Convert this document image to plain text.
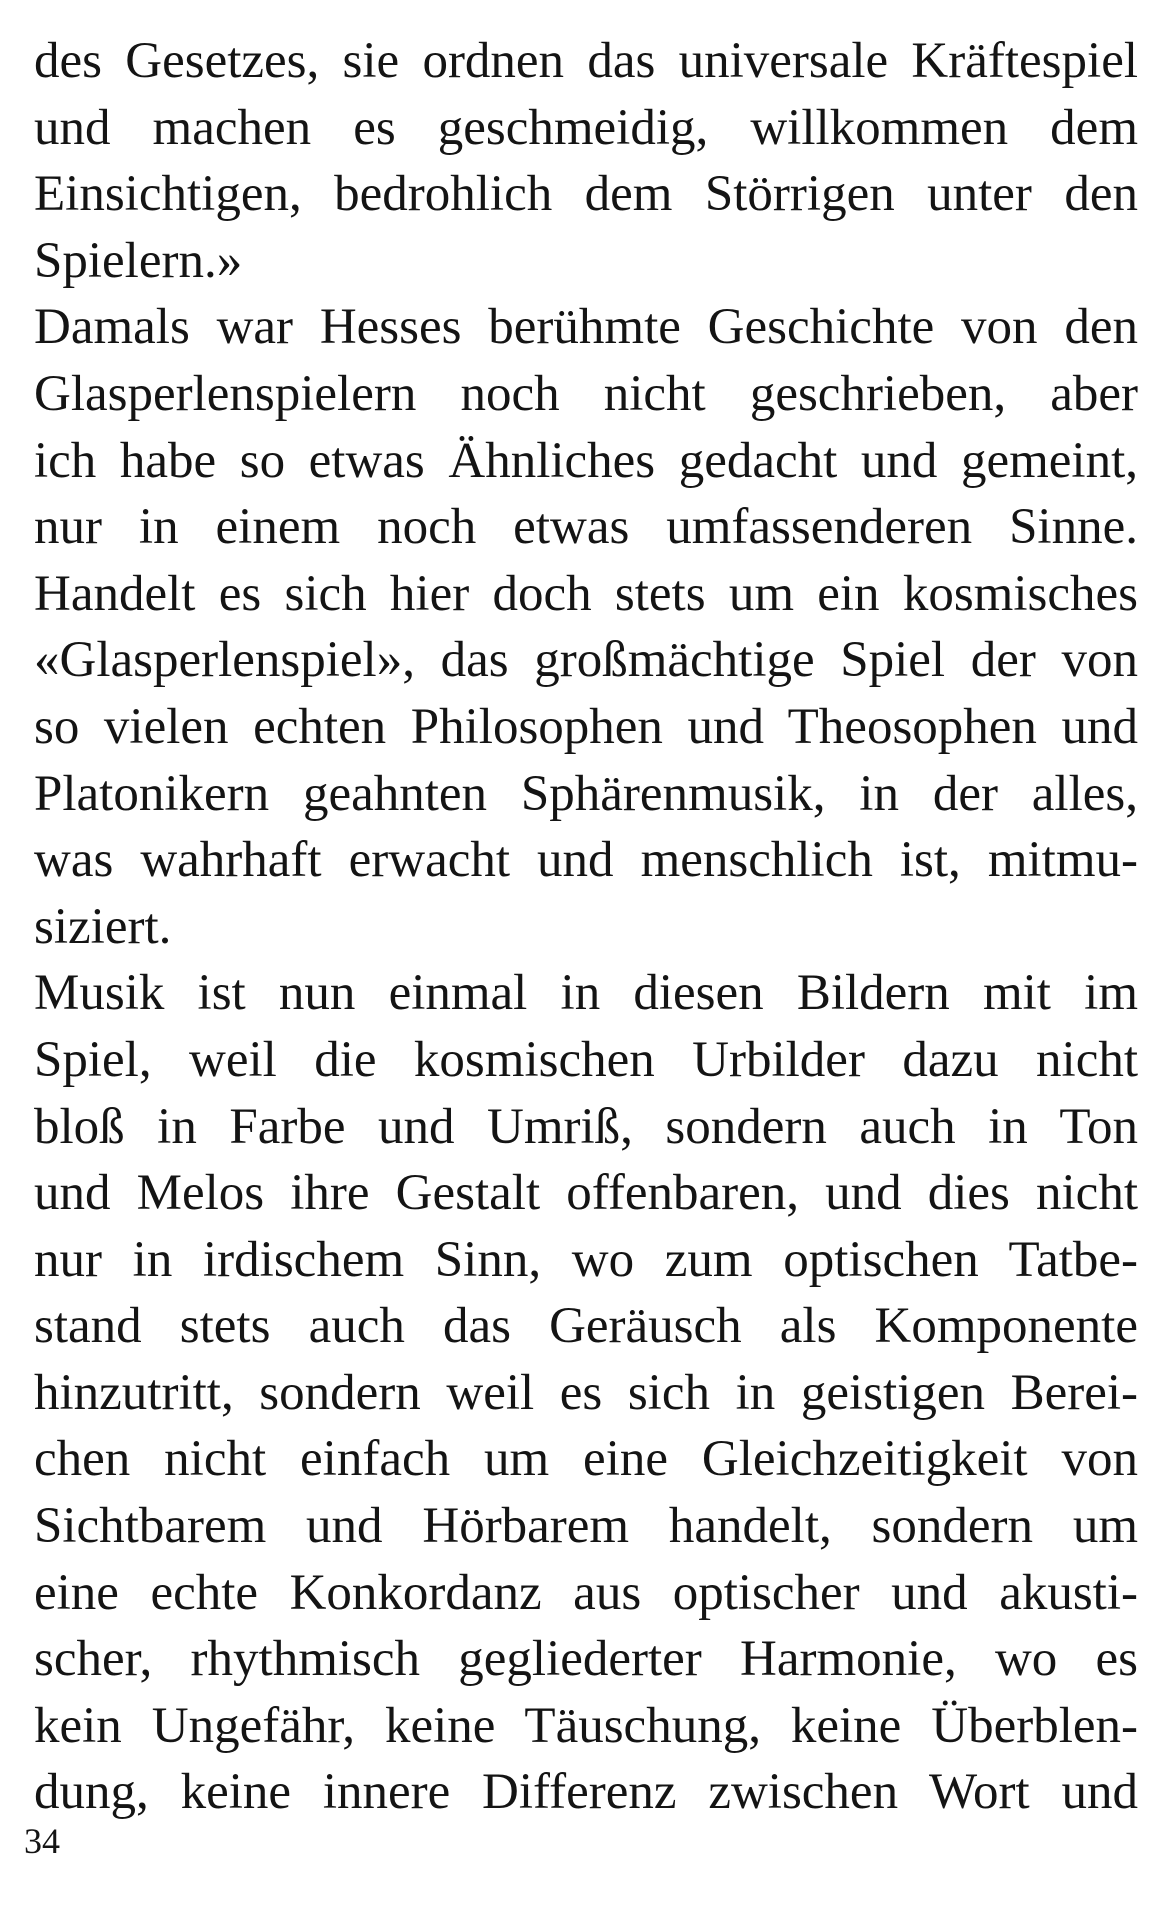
des Gesetzes, sie ordnen das universale Kräftespiel
und machen es geschmeidig, willkommen dem
Einsichtigen, bedrohlich dem Störrigen unter den
Spielern.»
Damals war Hesses berühmte Geschichte von den
Glasperlenspielern noch nicht geschrieben, aber
ich habe so etwas Ähnliches gedacht und gemeint,
nur in einem noch etwas umfassenderen Sinne.
Handelt es sich hier doch stets um ein kosmisches
«Glasperlenspiel», das großmächtige Spiel der von
so vielen echten Philosophen und Theosophen und
Platonikern geahnten Sphärenmusik, in der alles,
was wahrhaft erwacht und menschlich ist, mitmu-
siziert.
Musik ist nun einmal in diesen Bildern mit im
Spiel, weil die kosmischen Urbilder dazu nicht
bloß in Farbe und Umriß, sondern auch in Ton
und Melos ihre Gestalt offenbaren, und dies nicht
nur in irdischem Sinn, wo zum optischen Tatbe-
stand stets auch das Geräusch als Komponente
hinzutritt, sondern weil es sich in geistigen Berei-
chen nicht einfach um eine Gleichzeitigkeit von
Sichtbarem und Hörbarem handelt, sondern um
eine echte Konkordanz aus optischer und akusti-
scher, rhythmisch gegliederter Harmonie, wo es
kein Ungefähr, keine Täuschung, keine Überblen-
dung, keine innere Differenz zwischen Wort und
34
